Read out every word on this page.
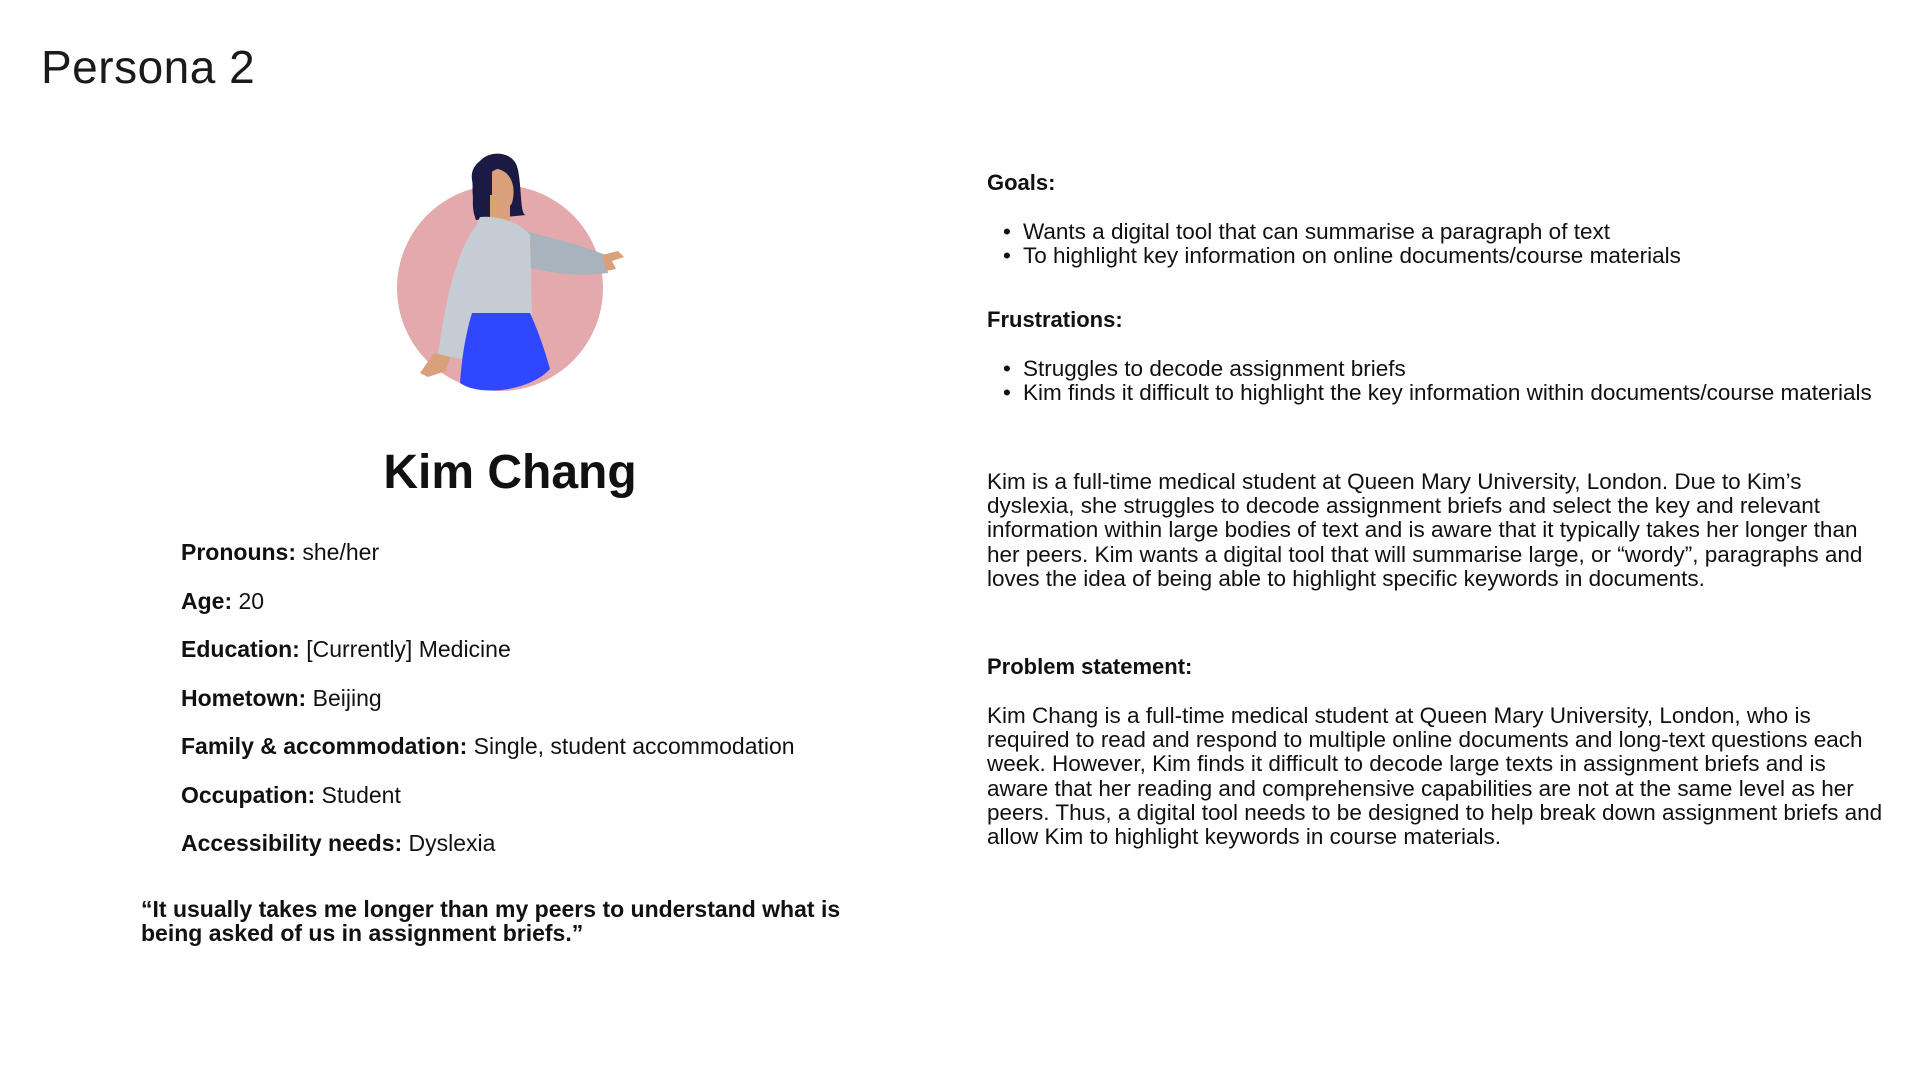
Persona 2
Kim Chang
Pronouns: she/her
Age: 20
Education: [Currently] Medicine
Hometown: Beijing
Family & accommodation: Single, student accommodation
Occupation: Student
Accessibility needs: Dyslexia
“It usually takes me longer than my peers to understand what is being asked of us in assignment briefs.”
Goals:
• Wants a digital tool that can summarise a paragraph of text
• To highlight key information on online documents/course materials
Frustrations:
• Struggles to decode assignment briefs
• Kim finds it difficult to highlight the key information within documents/course materials

Kim is a full-time medical student at Queen Mary University, London. Due to Kim’s dyslexia, she struggles to decode assignment briefs and select the key and relevant information within large bodies of text and is aware that it typically takes her longer than her peers. Kim wants a digital tool that will summarise large, or “wordy”, paragraphs and loves the idea of being able to highlight specific keywords in documents.

Problem statement:

Kim Chang is a full-time medical student at Queen Mary University, London, who is required to read and respond to multiple online documents and long-text questions each week. However, Kim finds it difficult to decode large texts in assignment briefs and is aware that her reading and comprehensive capabilities are not at the same level as her peers. Thus, a digital tool needs to be designed to help break down assignment briefs and allow Kim to highlight keywords in course materials.
